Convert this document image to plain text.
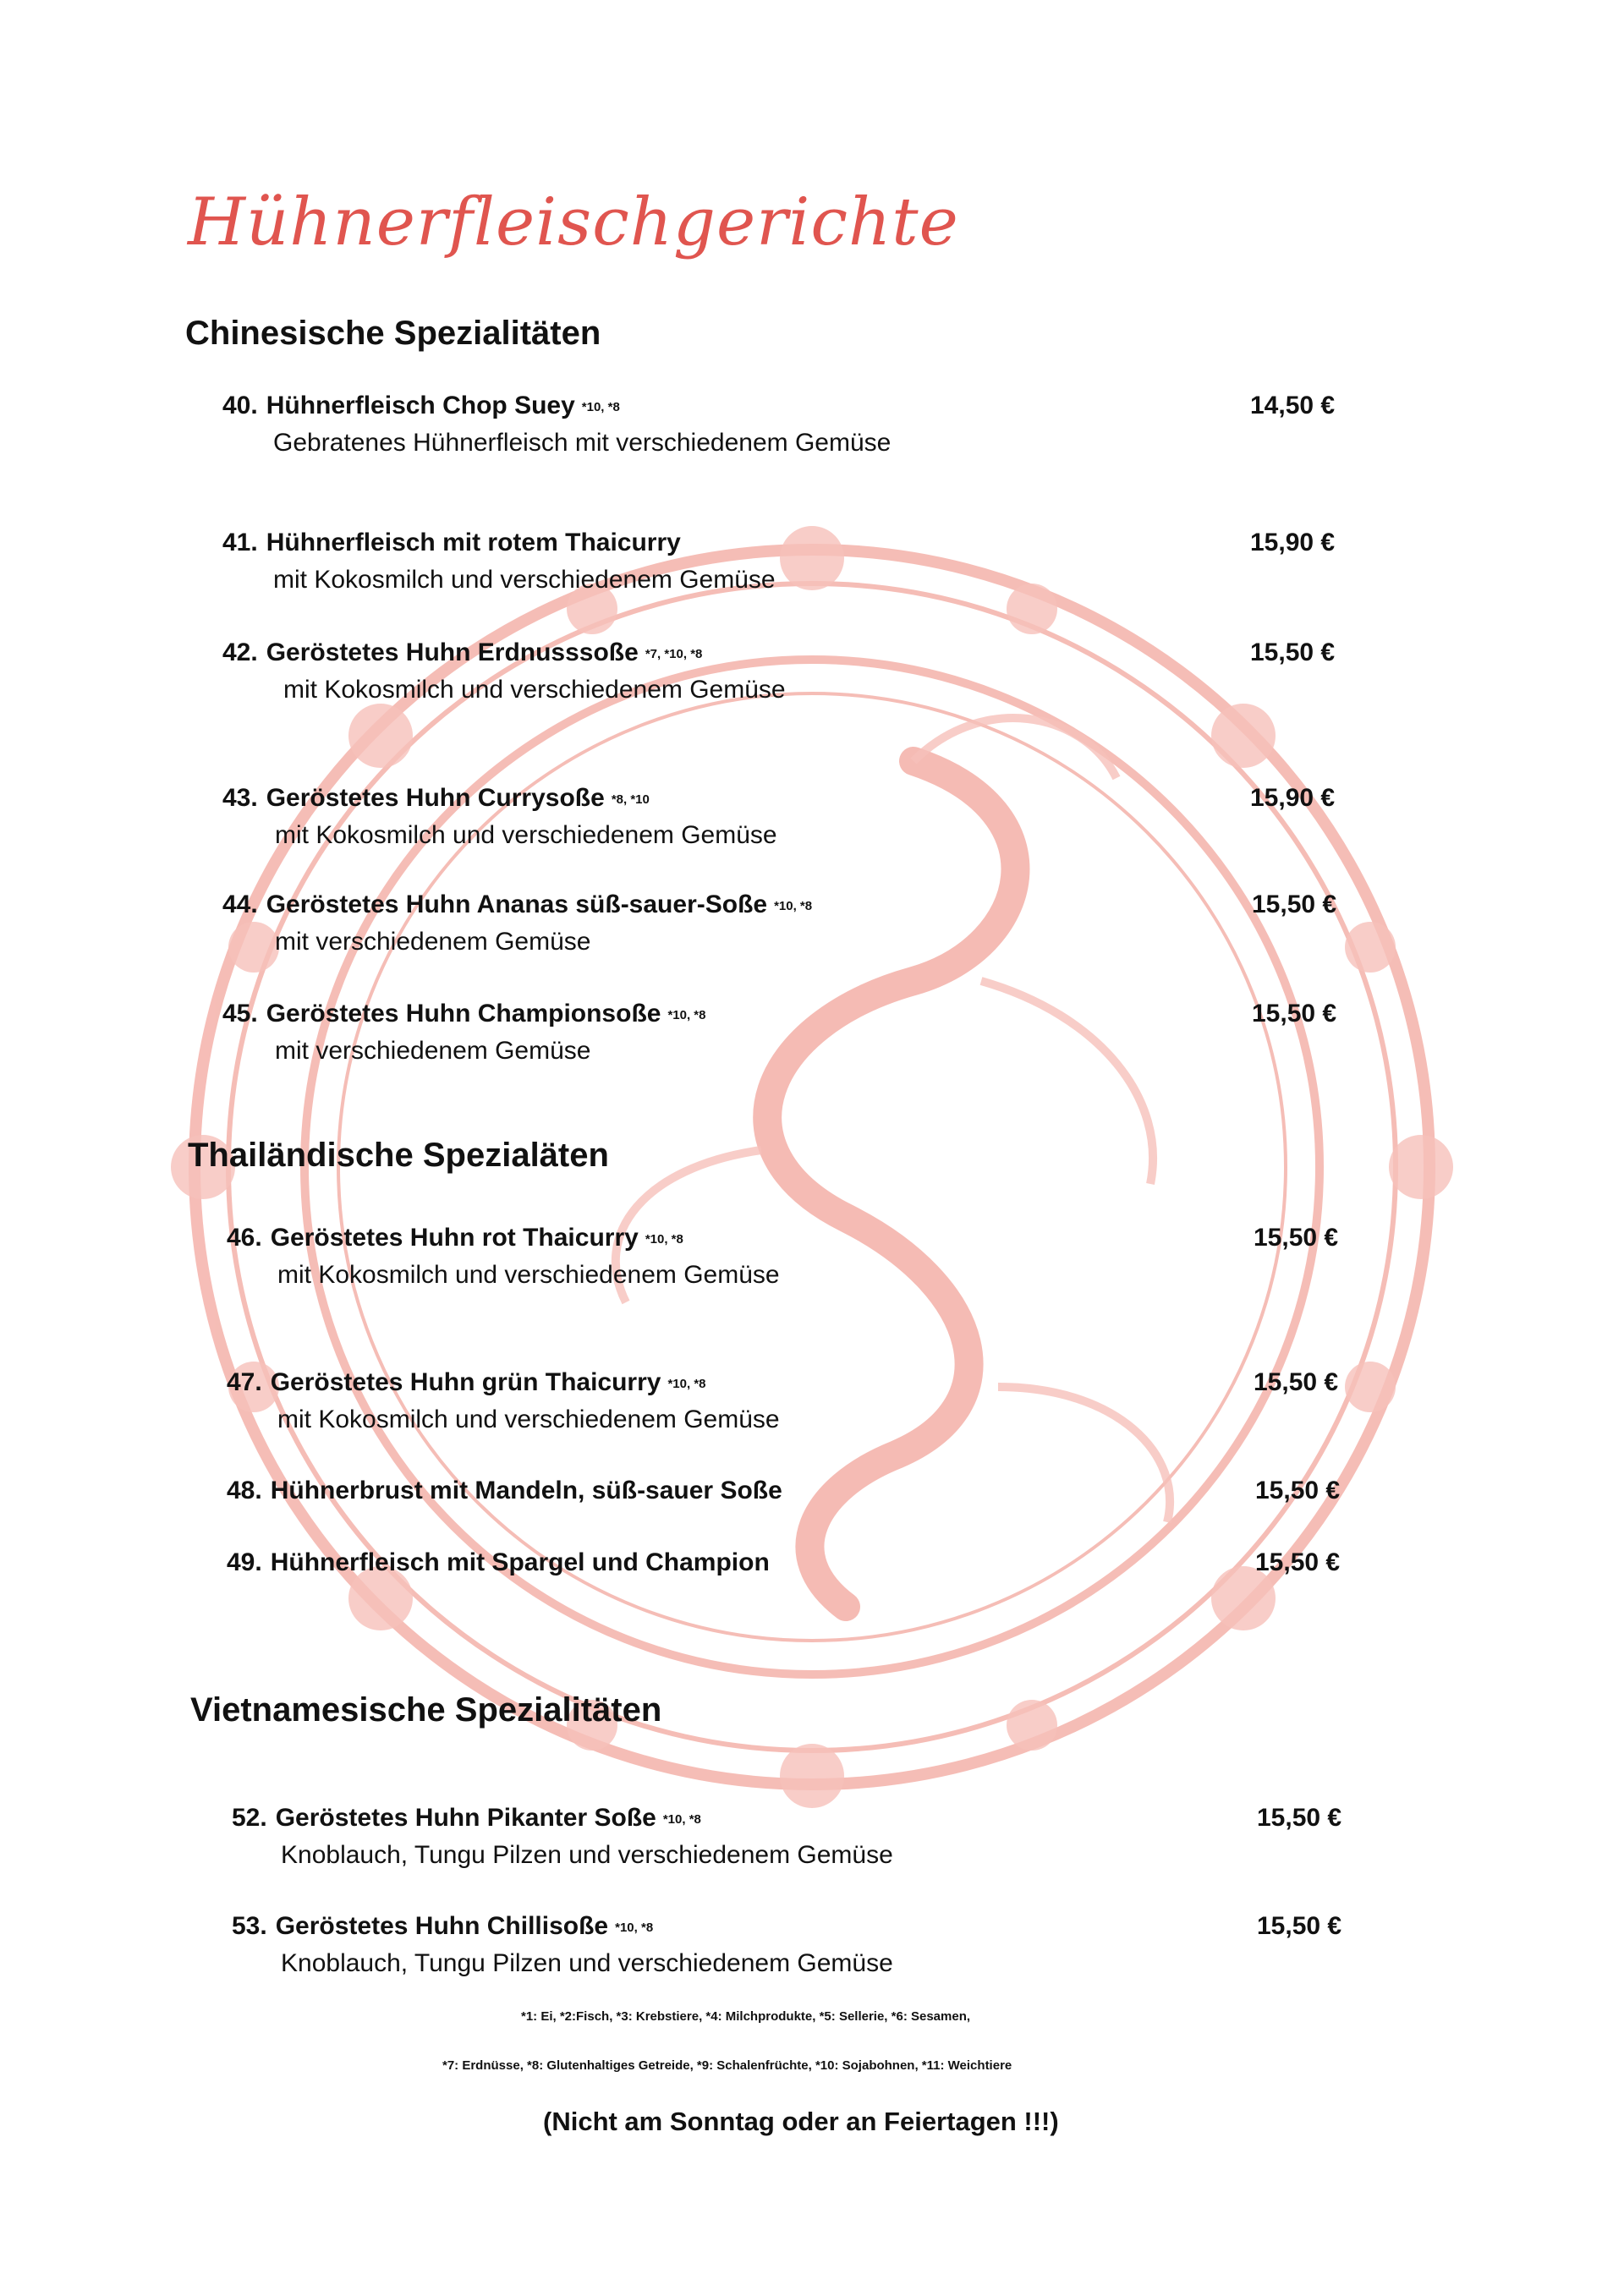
Hühnerfleischgerichte
Chinesische Spezialitäten
40. Hühnerfleisch Chop Suey *10, *8
Gebratenes Hühnerfleisch mit verschiedenem Gemüse
14,50 €
41. Hühnerfleisch mit rotem Thaicurry
mit Kokosmilch und verschiedenem Gemüse
15,90 €
42. Geröstetes Huhn Erdnusssoße *7, *10, *8
mit Kokosmilch und verschiedenem Gemüse
15,50 €
43. Geröstetes Huhn Currysoße *8, *10
mit Kokosmilch und verschiedenem Gemüse
15,90 €
44. Geröstetes Huhn Ananas süß-sauer-Soße *10, *8
mit verschiedenem Gemüse
15,50 €
45. Geröstetes Huhn Championsoße *10, *8
mit verschiedenem Gemüse
15,50 €
Thailändische Spezialäten
46. Geröstetes Huhn rot Thaicurry *10, *8
mit Kokosmilch und verschiedenem Gemüse
15,50 €
47. Geröstetes Huhn grün Thaicurry *10, *8
mit Kokosmilch und verschiedenem Gemüse
15,50 €
48. Hühnerbrust mit Mandeln, süß-sauer Soße	15,50 €
49. Hühnerfleisch mit Spargel und Champion	15,50 €
Vietnamesische Spezialitäten
52. Geröstetes Huhn Pikanter Soße *10, *8
Knoblauch, Tungu Pilzen und verschiedenem Gemüse
15,50 €
53. Geröstetes Huhn Chillisoße *10, *8
Knoblauch, Tungu Pilzen und verschiedenem Gemüse
15,50 €
*1: Ei, *2:Fisch, *3: Krebstiere, *4: Milchprodukte, *5: Sellerie, *6: Sesamen,
*7: Erdnüsse, *8: Glutenhaltiges Getreide, *9: Schalenfrüchte, *10: Sojabohnen, *11: Weichtiere
(Nicht am Sonntag oder an Feiertagen !!!)
